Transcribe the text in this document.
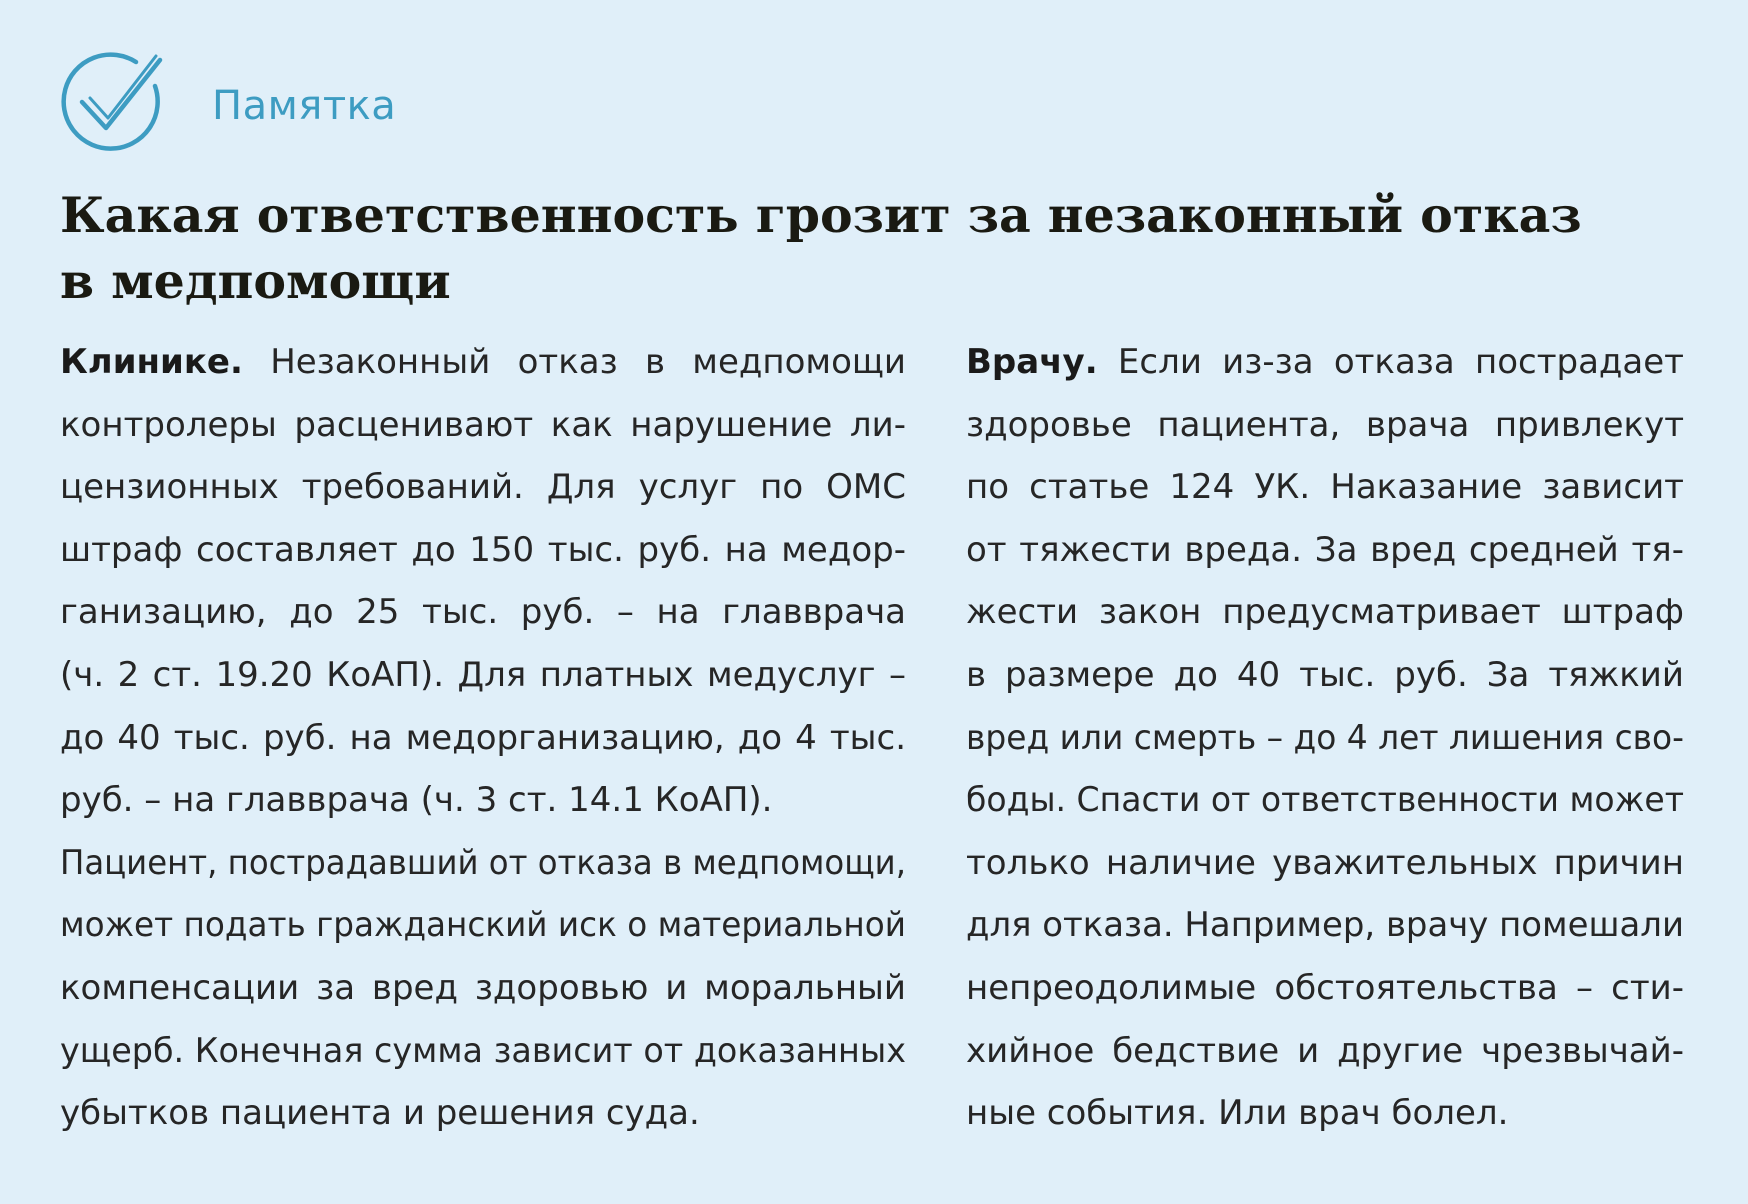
Памятка
Какая ответственность грозит за незаконный отказ
в медпомощи
Клинике. Незаконный отказ в медпомощи
контролеры расценивают как нарушение ли-
цензионных требований. Для услуг по ОМС
штраф составляет до 150 тыс. руб. на медор-
ганизацию, до 25 тыс. руб. – на главврача
(ч. 2 ст. 19.20 КоАП). Для платных медуслуг –
до 40 тыс. руб. на медорганизацию, до 4 тыс.
руб. – на главврача (ч. 3 ст. 14.1 КоАП).
Пациент, пострадавший от отказа в медпомощи,
может подать гражданский иск о материальной
компенсации за вред здоровью и моральный
ущерб. Конечная сумма зависит от доказанных
убытков пациента и решения суда.
Врачу. Если из-за отказа пострадает
здоровье пациента, врача привлекут
по статье 124 УК. Наказание зависит
от тяжести вреда. За вред средней тя-
жести закон предусматривает штраф
в размере до 40 тыс. руб. За тяжкий
вред или смерть – до 4 лет лишения сво-
боды. Спасти от ответственности может
только наличие уважительных причин
для отказа. Например, врачу помешали
непреодолимые обстоятельства – сти-
хийное бедствие и другие чрезвычай-
ные события. Или врач болел.
